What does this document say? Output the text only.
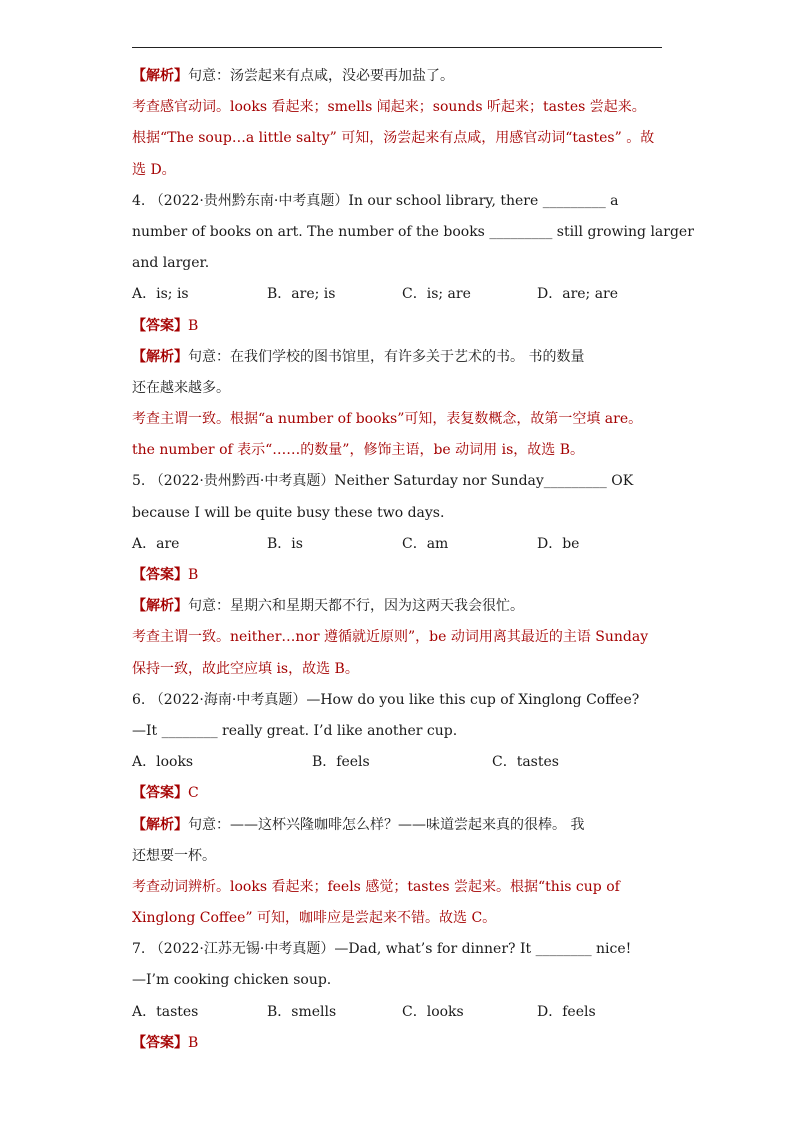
【解析】句意：汤尝起来有点咸，没必要再加盐了。
考查感官动词。looks 看起来；smells 闻起来；sounds 听起来；tastes 尝起来。
根据“The soup…a little salty” 可知，汤尝起来有点咸，用感官动词“tastes” 。故
选 D。
4. （2022·贵州黔东南·中考真题）In our school library, there _________ a
number of books on art. The number of the books _________ still growing larger
and larger.
A．is; is	B．are; is	C．is; are	D．are; are
【答案】B
【解析】句意：在我们学校的图书馆里，有许多关于艺术的书。 书的数量
还在越来越多。
考查主谓一致。根据“a number of books”可知，表复数概念，故第一空填 are。
the number of 表示“……的数量”，修饰主语，be 动词用 is，故选 B。
5. （2022·贵州黔西·中考真题）Neither Saturday nor Sunday_________ OK
because I will be quite busy these two days.
A．are	B．is	C．am	D．be
【答案】B
【解析】句意：星期六和星期天都不行，因为这两天我会很忙。
考查主谓一致。neither…nor 遵循就近原则”，be 动词用离其最近的主语 Sunday
保持一致，故此空应填 is，故选 B。
6. （2022·海南·中考真题）—How do you like this cup of Xinglong Coffee?
—It ________ really great. I’d like another cup.
A．looks	B．feels	C．tastes
【答案】C
【解析】句意：——这杯兴隆咖啡怎么样？——味道尝起来真的很棒。 我
还想要一杯。
考查动词辨析。looks 看起来；feels 感觉；tastes 尝起来。根据“this cup of
Xinglong Coffee” 可知，咖啡应是尝起来不错。故选 C。
7. （2022·江苏无锡·中考真题）—Dad, what’s for dinner? It ________ nice!
—I’m cooking chicken soup.
A．tastes	B．smells	C．looks	D．feels
【答案】B
